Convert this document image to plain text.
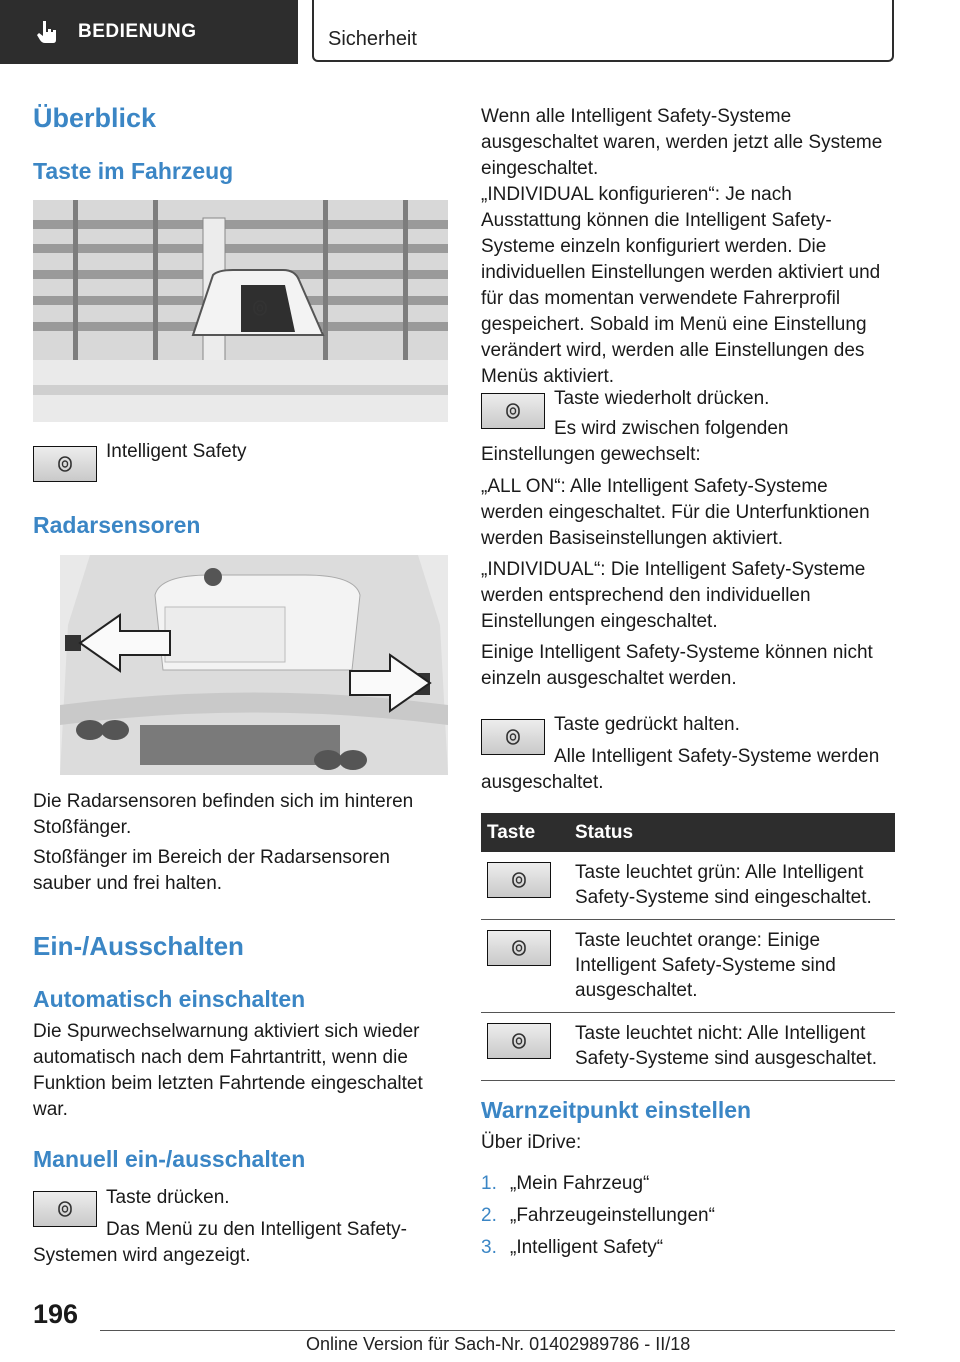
BEDIENUNG	Sicherheit
Überblick
Taste im Fahrzeug
Intelligent Safety
Radarsensoren
Die Radarsensoren befinden sich im hinteren Stoßfänger.
Stoßfänger im Bereich der Radarsensoren sauber und frei halten.
Ein-/Ausschalten
Automatisch einschalten
Die Spurwechselwarnung aktiviert sich wieder automatisch nach dem Fahrtantritt, wenn die Funktion beim letzten Fahrtende eingeschaltet war.
Manuell ein-/ausschalten
Taste drücken.
Das Menü zu den Intelligent Safety-Systemen wird angezeigt.
Wenn alle Intelligent Safety-Systeme ausgeschaltet waren, werden jetzt alle Systeme eingeschaltet.
„INDIVIDUAL konfigurieren“: Je nach Ausstattung können die Intelligent Safety-Systeme einzeln konfiguriert werden. Die individuellen Einstellungen werden aktiviert und für das momentan verwendete Fahrerprofil gespeichert. Sobald im Menü eine Einstellung verändert wird, werden alle Einstellungen des Menüs aktiviert.
Taste wiederholt drücken.
Es wird zwischen folgenden Einstellungen gewechselt:
„ALL ON“: Alle Intelligent Safety-Systeme werden eingeschaltet. Für die Unterfunktionen werden Basiseinstellungen aktiviert.
„INDIVIDUAL“: Die Intelligent Safety-Systeme werden entsprechend den individuellen Einstellungen eingeschaltet.
Einige Intelligent Safety-Systeme können nicht einzeln ausgeschaltet werden.
Taste gedrückt halten.
Alle Intelligent Safety-Systeme werden ausgeschaltet.
Taste	Status

	Taste leuchtet grün: Alle Intelligent Safety-Systeme sind eingeschaltet.

	Taste leuchtet orange: Einige Intelligent Safety-Systeme sind ausgeschaltet.

	Taste leuchtet nicht: Alle Intelligent Safety-Systeme sind ausgeschaltet.
Warnzeitpunkt einstellen
Über iDrive:
1. „Mein Fahrzeug“
2. „Fahrzeugeinstellungen“
3. „Intelligent Safety“
196
Online Version für Sach-Nr. 01402989786 - II/18
